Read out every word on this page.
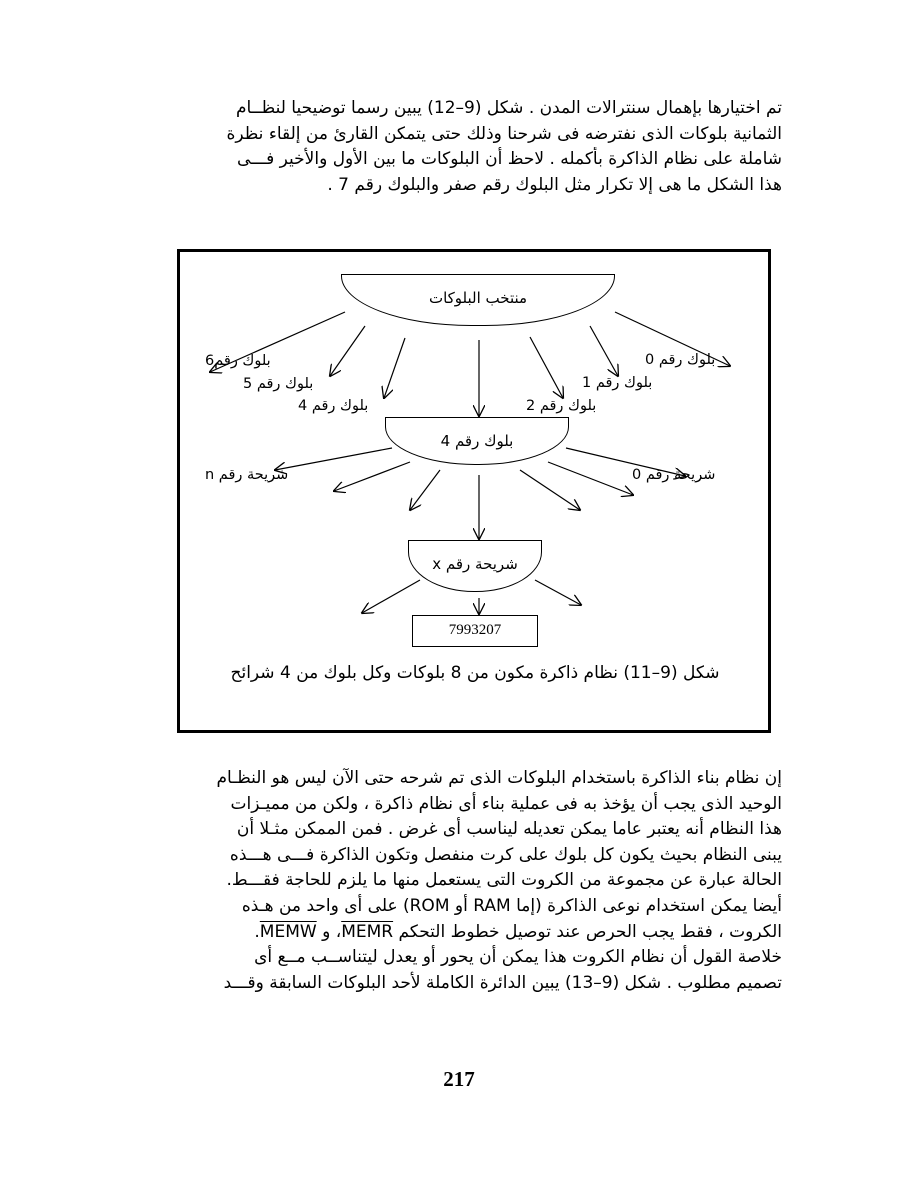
تم اختيارها بإهمال سنترالات المدن . شكل (9–12) يبين رسما توضيحيا لنظــام
الثمانية بلوكات الذى نفترضه فى شرحنا وذلك حتى يتمكن القارئ من إلقاء نظرة
شاملة على نظام الذاكرة بأكمله . لاحظ أن البلوكات ما بين الأول والأخير فـــى
هذا الشكل ما هى إلا تكرار مثل البلوك رقم صفر والبلوك رقم 7 .
منتخب البلوكات
بلوك رقم6
بلوك رقم 5
بلوك رقم 4	بلوك رقم 2
بلوك رقم 1
بلوك رقم 0
بلوك رقم 4
شريحة رقم n	شريحة رقم 0
شريحة رقم x
7993207
شكل (9–11) نظام ذاكرة مكون من 8 بلوكات وكل بلوك من 4 شرائح
إن نظام بناء الذاكرة باستخدام البلوكات الذى تم شرحه حتى الآن ليس هو النظـام
الوحيد الذى يجب أن يؤخذ به فى عملية بناء أى نظام ذاكرة ، ولكن من مميـزات
هذا النظام أنه يعتبر عاما يمكن تعديله ليناسب أى غرض . فمن الممكن مثـلا أن
يبنى النظام بحيث يكون كل بلوك على كرت منفصل وتكون الذاكرة فـــى هـــذه
الحالة عبارة عن مجموعة من الكروت التى يستعمل منها ما يلزم للحاجة فقـــط.
أيضا يمكن استخدام نوعى الذاكرة (إما RAM أو ROM) على أى واحد من هـذه
الكروت ، فقط يجب الحرص عند توصيل خطوط التحكم MEMR، و MEMW.
خلاصة القول أن نظام الكروت هذا يمكن أن يحور أو يعدل ليتناســب مــع أى
تصميم مطلوب . شكل (9–13) يبين الدائرة الكاملة لأحد البلوكات السابقة وقـــد
217
